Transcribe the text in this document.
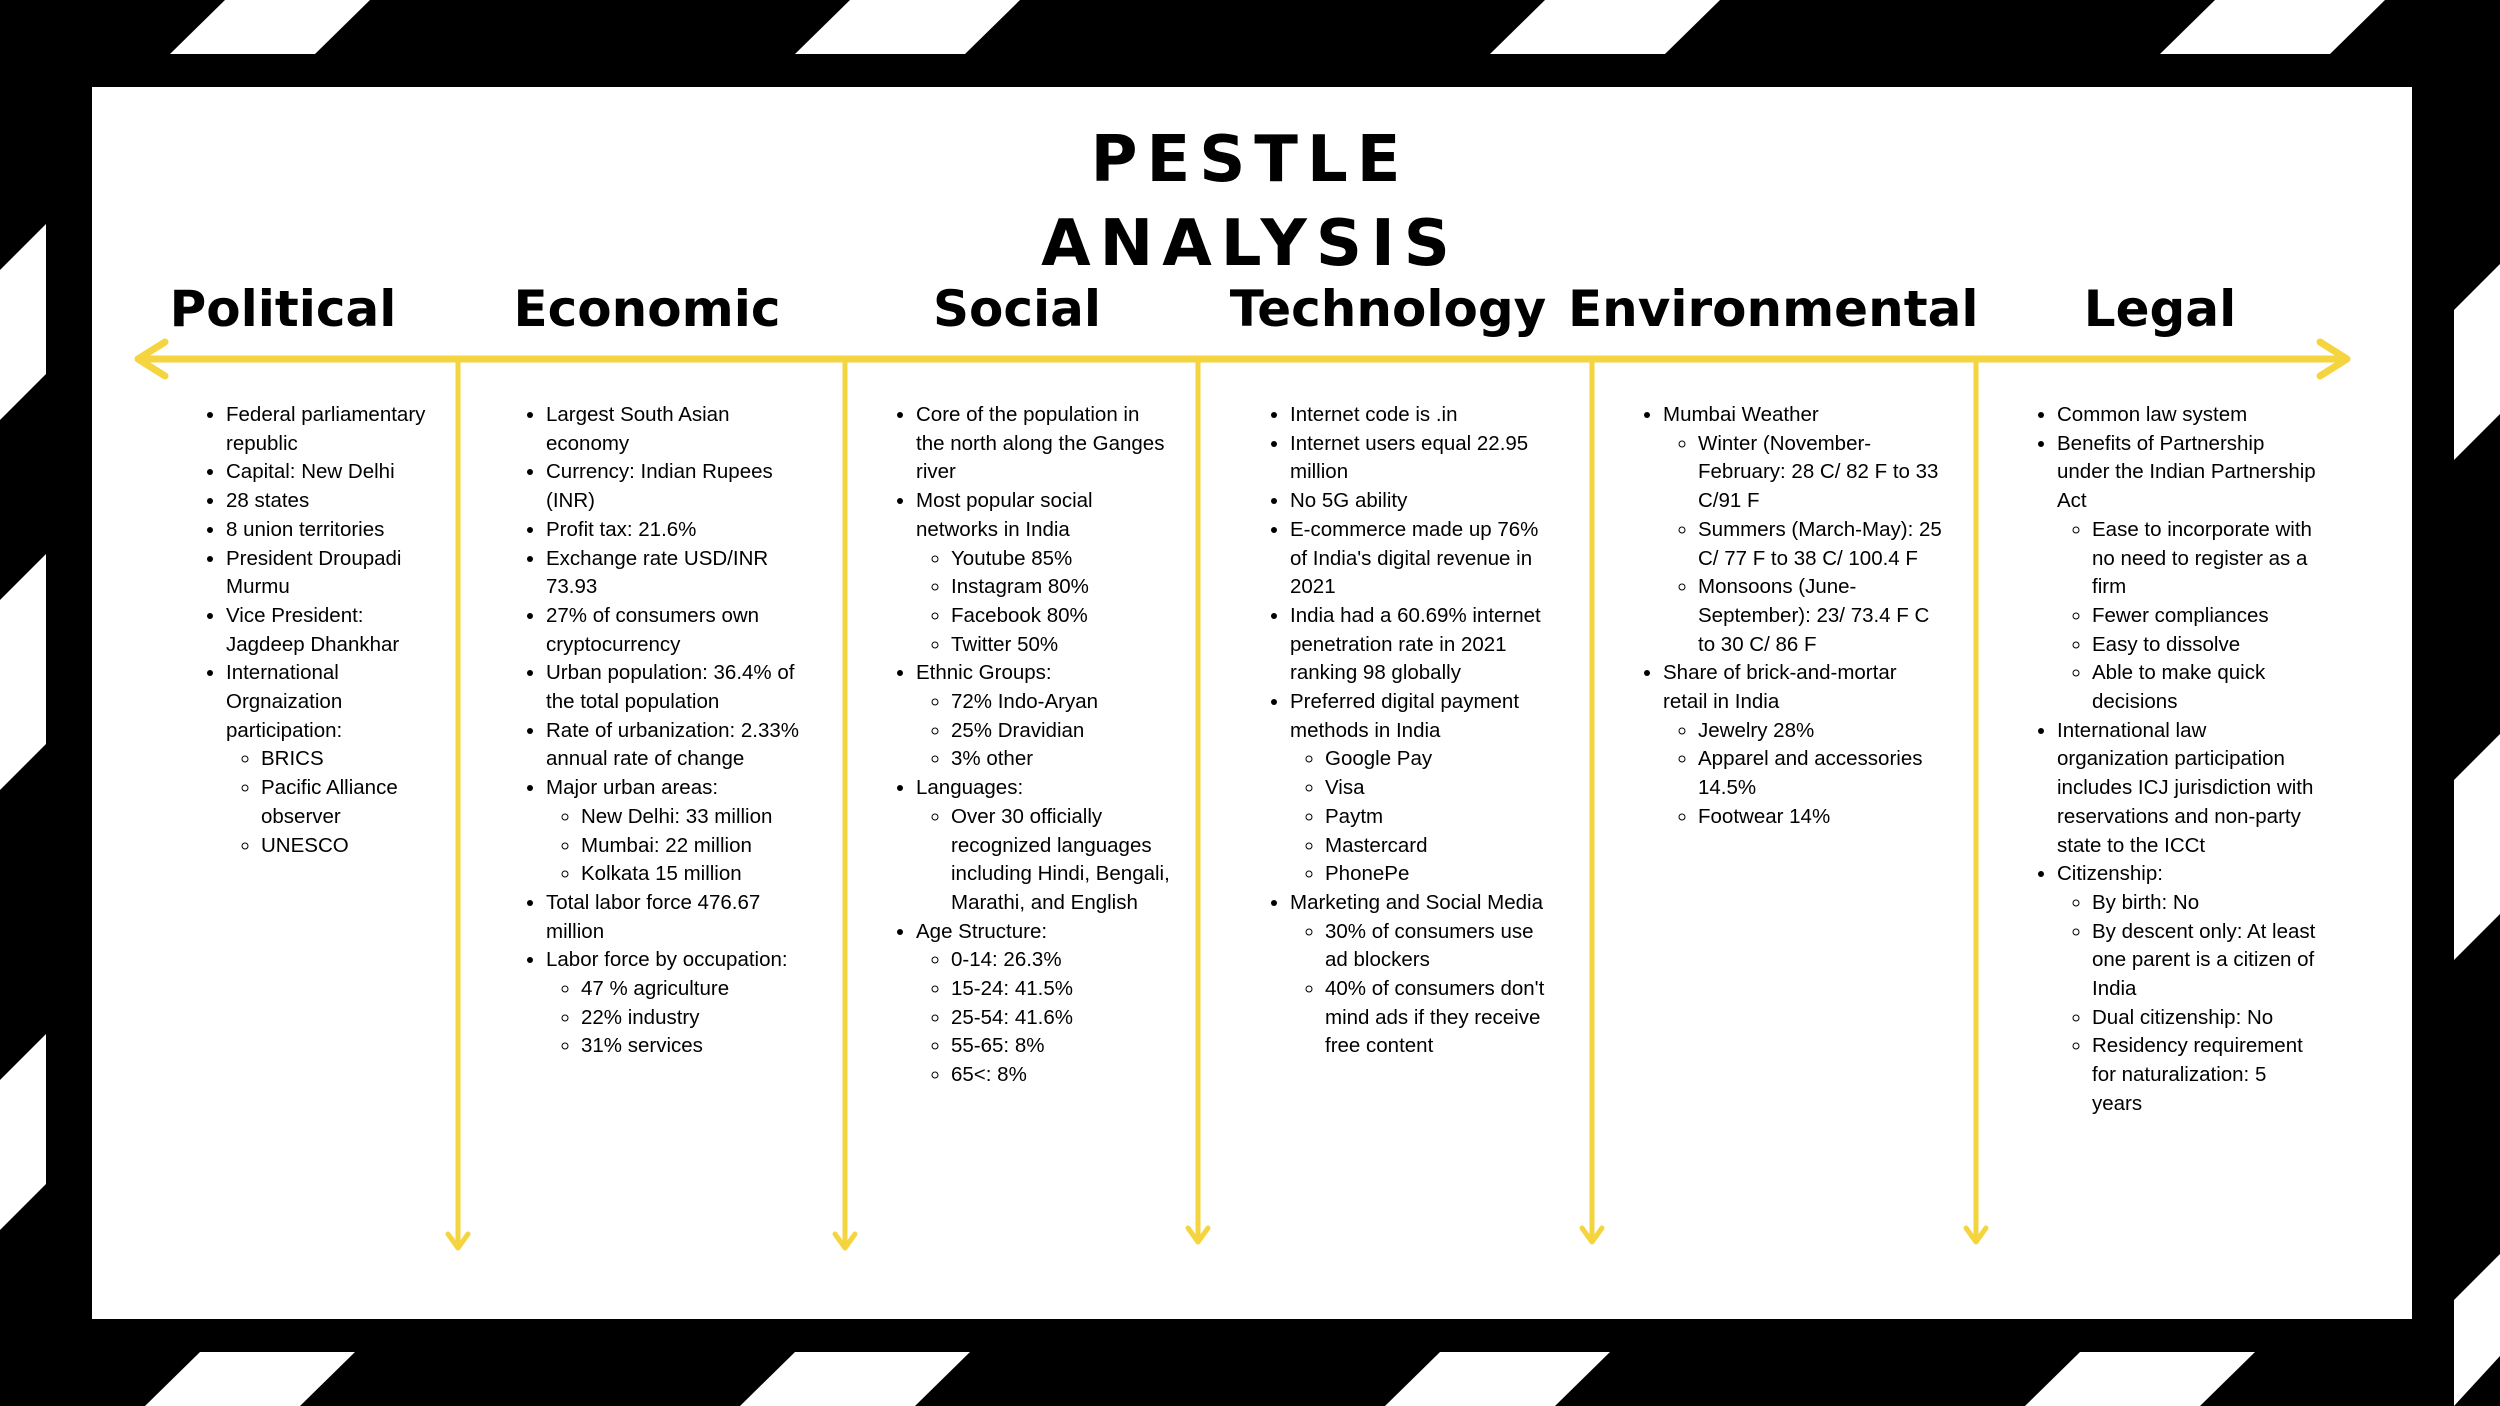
PESTLE
ANALYSIS
Political	Economic	Social	Technology Environmental	Legal
• Federal parliamentary republic
• Capital: New Delhi
• 28 states
• 8 union territories
• President Droupadi Murmu
• Vice President: Jagdeep Dhankhar
• International Orgnaization participation:
◦ BRICS
◦ Pacific Alliance observer
◦ UNESCO
• Largest South Asian economy
• Currency: Indian Rupees (INR)
• Profit tax: 21.6%
• Exchange rate USD/INR 73.93
• 27% of consumers own cryptocurrency
• Urban population: 36.4% of the total population
• Rate of urbanization: 2.33% annual rate of change
• Major urban areas:
◦ New Delhi: 33 million
◦ Mumbai: 22 million
◦ Kolkata 15 million
• Total labor force 476.67 million
• Labor force by occupation:
◦ 47 % agriculture
◦ 22% industry
◦ 31% services
• Core of the population in the north along the Ganges river
• Most popular social networks in India
◦ Youtube 85%
◦ Instagram 80%
◦ Facebook 80%
◦ Twitter 50%
• Ethnic Groups:
◦ 72% Indo-Aryan
◦ 25% Dravidian
◦ 3% other
• Languages:
◦ Over 30 officially recognized languages including Hindi, Bengali, Marathi, and English
• Age Structure:
◦ 0-14: 26.3%
◦ 15-24: 41.5%
◦ 25-54: 41.6%
◦ 55-65: 8%
◦ 65<: 8%
• Internet code is .in
• Internet users equal 22.95 million
• No 5G ability
• E-commerce made up 76% of India's digital revenue in 2021
• India had a 60.69% internet penetration rate in 2021 ranking 98 globally
• Preferred digital payment methods in India
◦ Google Pay
◦ Visa
◦ Paytm
◦ Mastercard
◦ PhonePe
• Marketing and Social Media
◦ 30% of consumers use ad blockers
◦ 40% of consumers don't mind ads if they receive free content
• Mumbai Weather
◦ Winter (November-February: 28 C/ 82 F to 33 C/91 F
◦ Summers (March-May): 25 C/ 77 F to 38 C/ 100.4 F
◦ Monsoons (June-September): 23/ 73.4 F C to 30 C/ 86 F
• Share of brick-and-mortar retail in India
◦ Jewelry 28%
◦ Apparel and accessories 14.5%
◦ Footwear 14%
• Common law system
• Benefits of Partnership under the Indian Partnership Act
◦ Ease to incorporate with no need to register as a firm
◦ Fewer compliances
◦ Easy to dissolve
◦ Able to make quick decisions
• International law organization participation includes ICJ jurisdiction with reservations and non-party state to the ICCt
• Citizenship:
◦ By birth: No
◦ By descent only: At least one parent is a citizen of India
◦ Dual citizenship: No
◦ Residency requirement for naturalization: 5 years
